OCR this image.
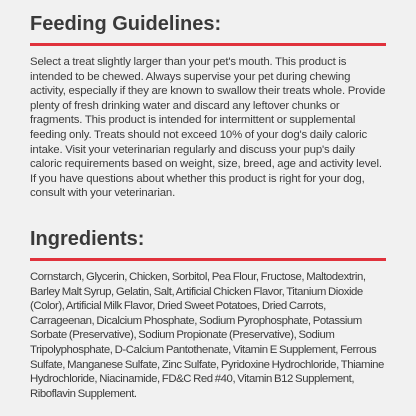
Feeding Guidelines:

Select a treat slightly larger than your pet's mouth. This product is intended to be chewed. Always supervise your pet during chewing activity, especially if they are known to swallow their treats whole. Provide plenty of fresh drinking water and discard any leftover chunks or fragments. This product is intended for intermittent or supplemental feeding only. Treats should not exceed 10% of your dog's daily caloric intake. Visit your veterinarian regularly and discuss your pup's daily caloric requirements based on weight, size, breed, age and activity level. If you have questions about whether this product is right for your dog, consult with your veterinarian.

Ingredients:

Cornstarch, Glycerin, Chicken, Sorbitol, Pea Flour, Fructose, Maltodextrin, Barley Malt Syrup, Gelatin, Salt, Artificial Chicken Flavor, Titanium Dioxide (Color), Artificial Milk Flavor, Dried Sweet Potatoes, Dried Carrots, Carrageenan, Dicalcium Phosphate, Sodium Pyrophosphate, Potassium Sorbate (Preservative), Sodium Propionate (Preservative), Sodium Tripolyphosphate, D-Calcium Pantothenate, Vitamin E Supplement, Ferrous Sulfate, Manganese Sulfate, Zinc Sulfate, Pyridoxine Hydrochloride, Thiamine Hydrochloride, Niacinamide, FD&C Red #40, Vitamin B12 Supplement, Riboflavin Supplement.
